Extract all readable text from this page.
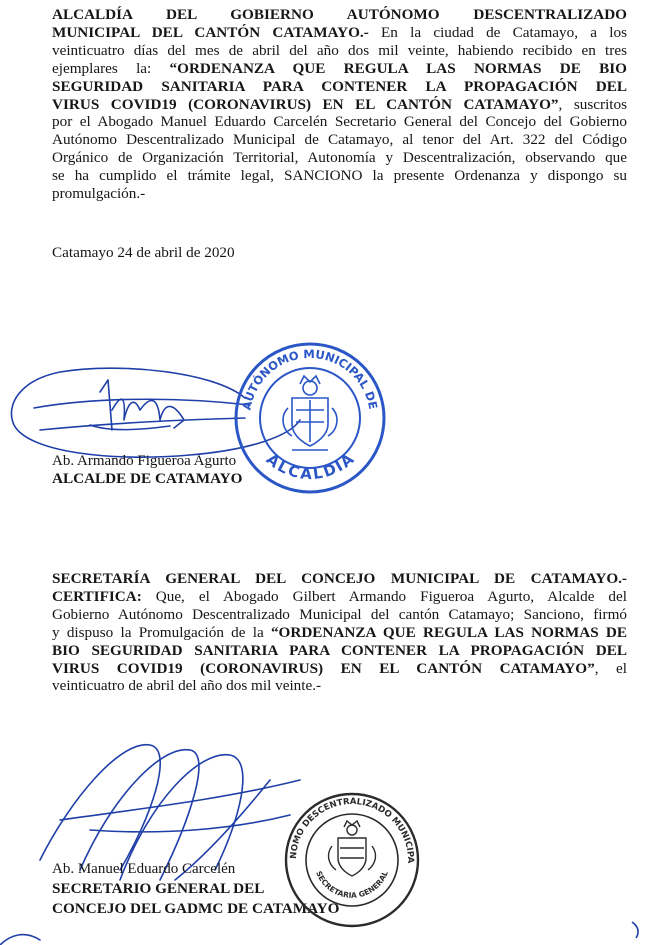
ALCALDÍA DEL GOBIERNO AUTÓNOMO DESCENTRALIZADO
MUNICIPAL DEL CANTÓN CATAMAYO.- En la ciudad de Catamayo, a los
veinticuatro días del mes de abril del año dos mil veinte, habiendo recibido en tres
ejemplares la: “ORDENANZA QUE REGULA LAS NORMAS DE BIO
SEGURIDAD SANITARIA PARA CONTENER LA PROPAGACIÓN DEL
VIRUS COVID19 (CORONAVIRUS) EN EL CANTÓN CATAMAYO”, suscritos
por el Abogado Manuel Eduardo Carcelén Secretario General del Concejo del Gobierno
Autónomo Descentralizado Municipal de Catamayo, al tenor del Art. 322 del Código
Orgánico de Organización Territorial, Autonomía y Descentralización, observando que
se ha cumplido el trámite legal, SANCIONO la presente Ordenanza y dispongo su
promulgación.-
Catamayo 24 de abril de 2020
Ab. Armando Figueroa Agurto
ALCALDE DE CATAMAYO
GOBIERNO AUTÓNOMO MUNICIPAL DE CATAMAYO
ALCALDIA
SECRETARÍA GENERAL DEL CONCEJO MUNICIPAL DE CATAMAYO.-
CERTIFICA: Que, el Abogado Gilbert Armando Figueroa Agurto, Alcalde del
Gobierno Autónomo Descentralizado Municipal del cantón Catamayo; Sanciono, firmó
y dispuso la Promulgación de la “ORDENANZA QUE REGULA LAS NORMAS DE
BIO SEGURIDAD SANITARIA PARA CONTENER LA PROPAGACIÓN DEL
VIRUS COVID19 (CORONAVIRUS) EN EL CANTÓN CATAMAYO”, el
veinticuatro de abril del año dos mil veinte.-
Ab. Manuel Eduardo Carcelén
SECRETARIO GENERAL DEL
CONCEJO DEL GADMC DE CATAMAYO
GOBIERNO AUTÓNOMO DESCENTRALIZADO MUNICIPAL DE CATAMAYO
SECRETARIA GENERAL
